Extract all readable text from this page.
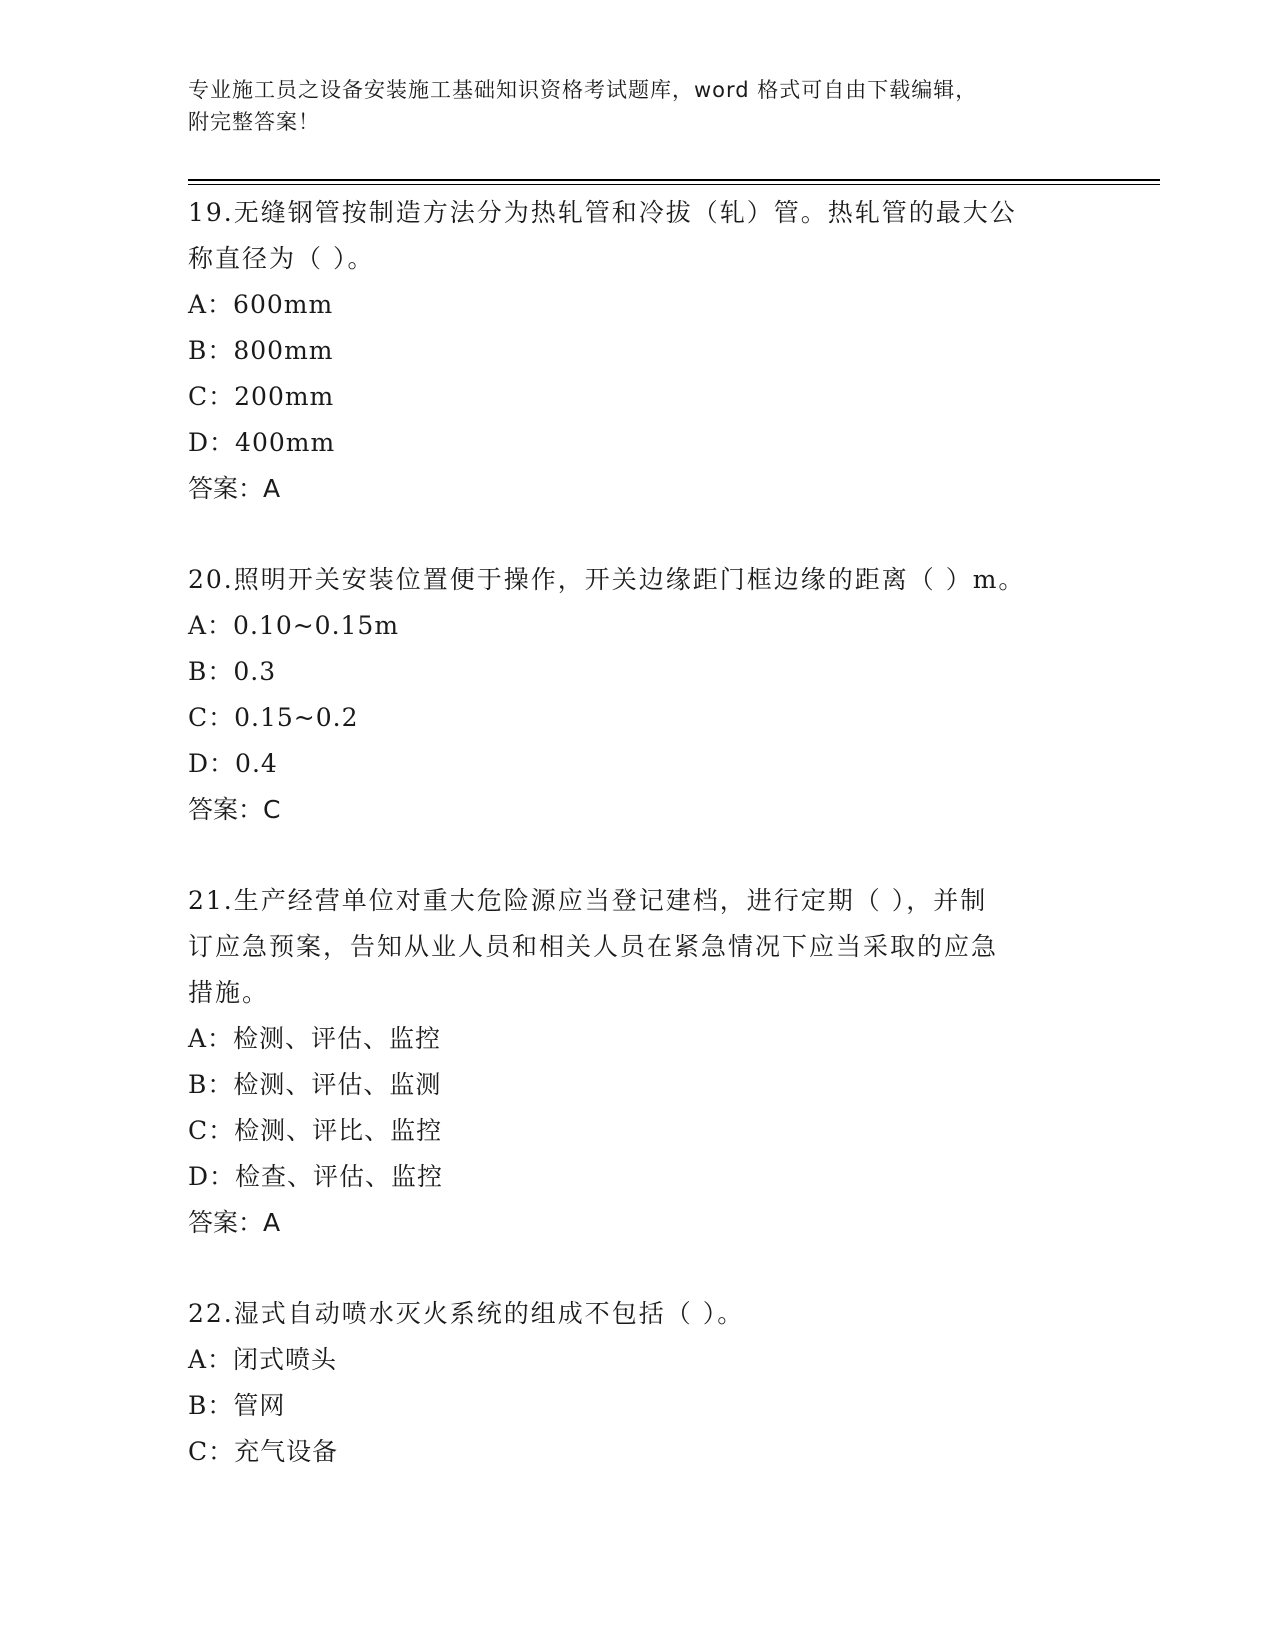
专业施工员之设备安装施工基础知识资格考试题库，word 格式可自由下载编辑，
附完整答案！

19.无缝钢管按制造方法分为热轧管和冷拔（轧）管。热轧管的最大公

称直径为（ ）。

A：600mm

B：800mm

C：200mm

D：400mm

答案：A

20.照明开关安装位置便于操作，开关边缘距门框边缘的距离（ ）m。

A：0.10~0.15m

B：0.3

C：0.15~0.2

D：0.4

答案：C

21.生产经营单位对重大危险源应当登记建档，进行定期（ ），并制

订应急预案，告知从业人员和相关人员在紧急情况下应当采取的应急

措施。

A：检测、评估、监控

B：检测、评估、监测

C：检测、评比、监控

D：检查、评估、监控

答案：A

22.湿式自动喷水灭火系统的组成不包括（ ）。

A：闭式喷头

B：管网

C：充气设备
